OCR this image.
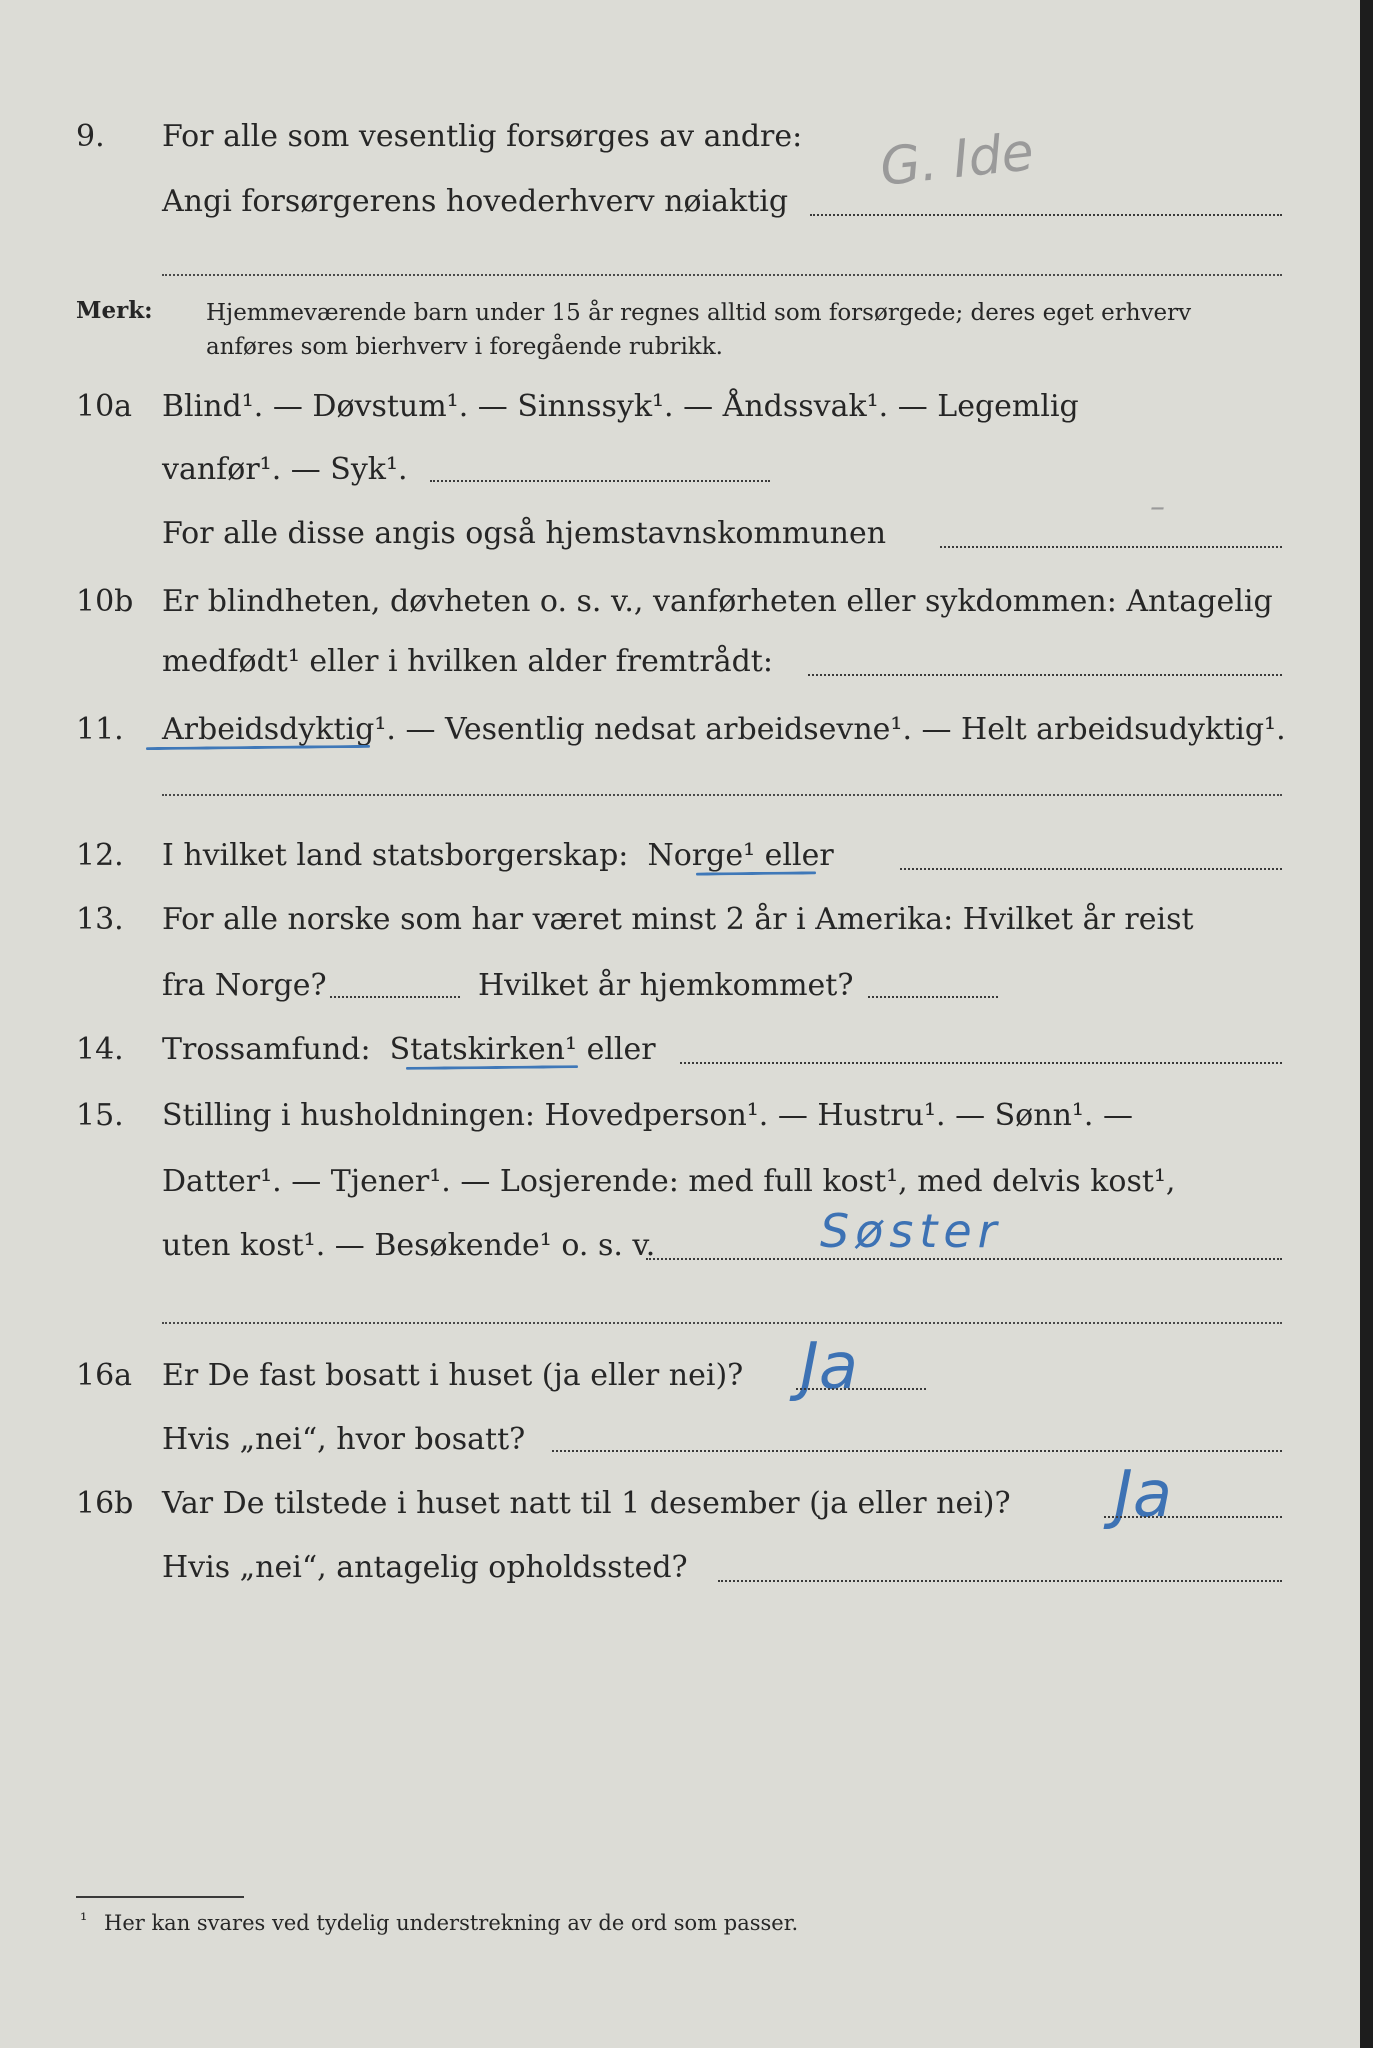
9. For alle som vesentlig forsørges av andre: G. Ide
Angi forsørgerens hovederhverv nøiaktig
Merk: Hjemmeværende barn under 15 år regnes alltid som forsørgede; deres eget erhverv
anføres som bierhverv i foregående rubrikk.
10a Blind¹. — Døvstum¹. — Sinnssyk¹. — Åndssvak¹. — Legemlig
vanfør¹. — Syk¹.
For alle disse angis også hjemstavnskommunen
–
10b Er blindheten, døvheten o. s. v., vanførheten eller sykdommen: Antagelig
medfødt¹ eller i hvilken alder fremtrådt:
11. Arbeidsdyktig¹. — Vesentlig nedsat arbeidsevne¹. — Helt arbeidsudyktig¹.
12. I hvilket land statsborgerskap: Norge¹ eller
13. For alle norske som har været minst 2 år i Amerika: Hvilket år reist
fra Norge?	Hvilket år hjemkommet?
14. Trossamfund: Statskirken¹ eller
15. Stilling i husholdningen: Hovedperson¹. — Hustru¹. — Sønn¹. —
Datter¹. — Tjener¹. — Losjerende: med full kost¹, med delvis kost¹,
uten kost¹. — Besøkende¹ o. s. v.	Søster
16a Er De fast bosatt i huset (ja eller nei)? Ja
Hvis „nei“, hvor bosatt?
16b Var De tilstede i huset natt til 1 desember (ja eller nei)? Ja
Hvis „nei“, antagelig opholdssted?
¹ Her kan svares ved tydelig understrekning av de ord som passer.
